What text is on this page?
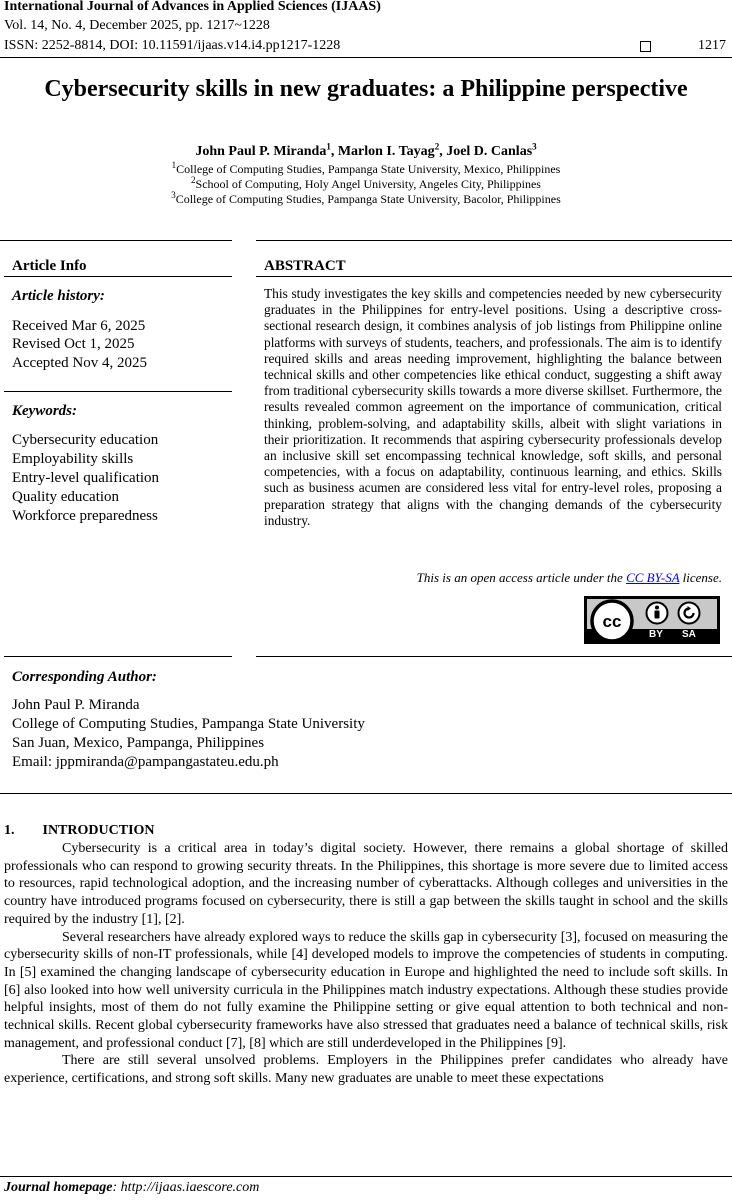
International Journal of Advances in Applied Sciences (IJAAS)
Vol. 14, No. 4, December 2025, pp. 1217~1228
ISSN: 2252-8814, DOI: 10.11591/ijaas.v14.i4.pp1217-1228	1217
Cybersecurity skills in new graduates: a Philippine perspective
John Paul P. Miranda$^1$, Marlon I. Tayag$^2$, Joel D. Canlas$^3$
$^1$College of Computing Studies, Pampanga State University, Mexico, Philippines
$^2$School of Computing, Holy Angel University, Angeles City, Philippines
$^3$College of Computing Studies, Pampanga State University, Bacolor, Philippines
Article Info
Article history:
Received Mar 6, 2025
Revised Oct 1, 2025
Accepted Nov 4, 2025
Keywords:
Cybersecurity education
Employability skills
Entry-level qualification
Quality education
Workforce preparedness
ABSTRACT
This study investigates the key skills and competencies needed by new cybersecurity graduates in the Philippines for entry-level positions. Using a descriptive cross-sectional research design, it combines analysis of job listings from Philippine online platforms with surveys of students, teachers, and professionals. The aim is to identify required skills and areas needing improvement, highlighting the balance between technical skills and other competencies like ethical conduct, suggesting a shift away from traditional cybersecurity skills towards a more diverse skillset. Furthermore, the results revealed common agreement on the importance of communication, critical thinking, problem-solving, and adaptability skills, albeit with slight variations in their prioritization. It recommends that aspiring cybersecurity professionals develop an inclusive skill set encompassing technical knowledge, soft skills, and personal competencies, with a focus on adaptability, continuous learning, and ethics. Skills such as business acumen are considered less vital for entry-level roles, proposing a preparation strategy that aligns with the changing demands of the cybersecurity industry.
This is an open access article under the CC BY-SA license.
cc
BY SA
Corresponding Author:
John Paul P. Miranda
College of Computing Studies, Pampanga State University
San Juan, Mexico, Pampanga, Philippines
Email: jppmiranda@pampangastateu.edu.ph
1.  INTRODUCTION

Cybersecurity is a critical area in today’s digital society. However, there remains a global shortage of skilled professionals who can respond to growing security threats. In the Philippines, this shortage is more severe due to limited access to resources, rapid technological adoption, and the increasing number of cyberattacks. Although colleges and universities in the country have introduced programs focused on cybersecurity, there is still a gap between the skills taught in school and the skills required by the industry [1], [2].

Several researchers have already explored ways to reduce the skills gap in cybersecurity [3], focused on measuring the cybersecurity skills of non-IT professionals, while [4] developed models to improve the competencies of students in computing. In [5] examined the changing landscape of cybersecurity education in Europe and highlighted the need to include soft skills. In [6] also looked into how well university curricula in the Philippines match industry expectations. Although these studies provide helpful insights, most of them do not fully examine the Philippine setting or give equal attention to both technical and non-technical skills. Recent global cybersecurity frameworks have also stressed that graduates need a balance of technical skills, risk management, and professional conduct [7], [8] which are still underdeveloped in the Philippines [9].

There are still several unsolved problems. Employers in the Philippines prefer candidates who already have experience, certifications, and strong soft skills. Many new graduates are unable to meet these expectations

Journal homepage: http://ijaas.iaescore.com
